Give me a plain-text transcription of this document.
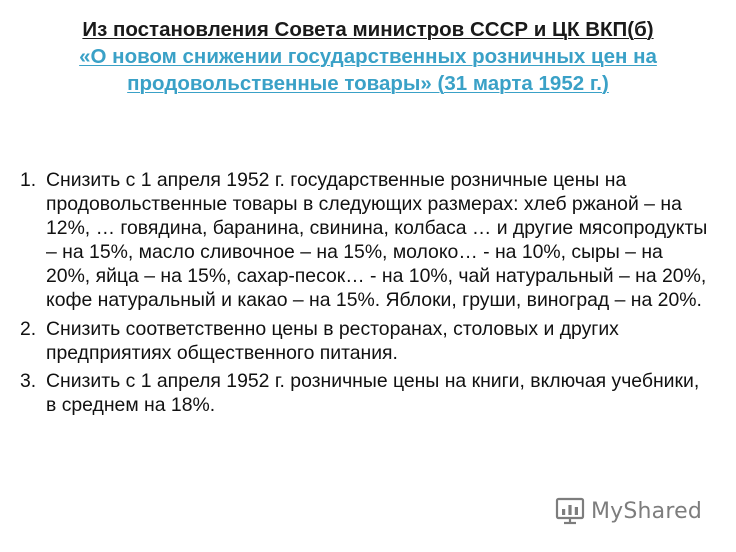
Из постановления Совета министров СССР и ЦК ВКП(б)
«О новом снижении государственных розничных цен на
продовольственные товары» (31 марта 1952 г.)
1. Снизить с 1 апреля 1952 г. государственные розничные цены на продовольственные товары в следующих размерах: хлеб ржаной – на 12%, … говядина, баранина, свинина, колбаса … и другие мясопродукты – на 15%, масло сливочное – на 15%, молоко… - на 10%, сыры – на 20%, яйца – на 15%, сахар-песок… - на 10%, чай натуральный – на 20%, кофе натуральный и какао – на 15%. Яблоки, груши, виноград – на 20%.
2. Снизить соответственно цены в ресторанах, столовых и других предприятиях общественного питания.
3. Снизить с 1 апреля 1952 г. розничные цены на книги, включая учебники, в среднем на 18%.
MyShared
